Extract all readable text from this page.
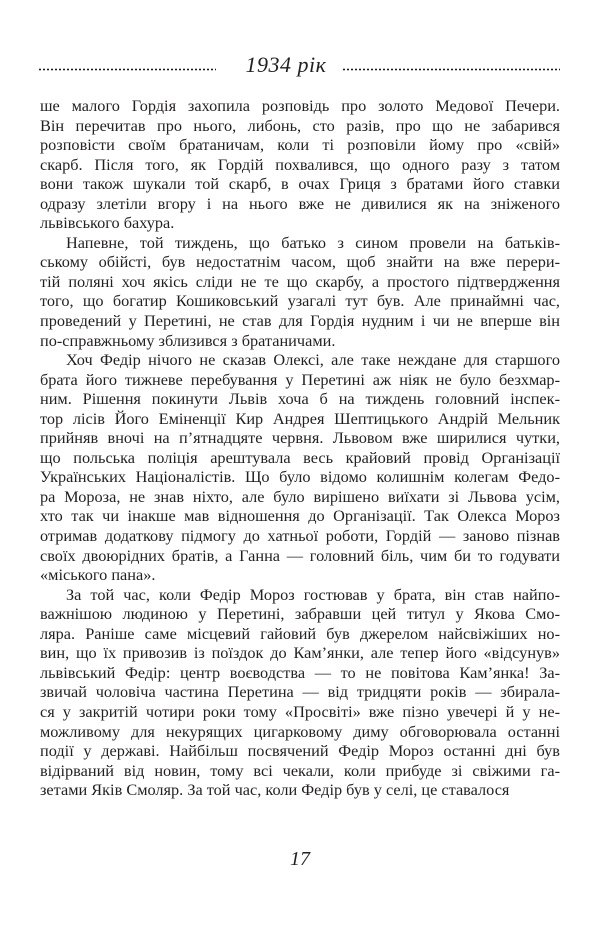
1934 рік
ше малого Гордія захопила розповідь про золото Медової Печери.
Він перечитав про нього, либонь, сто разів, про що не забарився
розповісти своїм братаничам, коли ті розповіли йому про «свій»
скарб. Після того, як Гордій похвалився, що одного разу з татом
вони також шукали той скарб, в очах Гриця з братами його ставки
одразу злетіли вгору і на нього вже не дивилися як на зніженого
львівського бахура.
Напевне, той тиждень, що батько з сином провели на батьків-
ському обійсті, був недостатнім часом, щоб знайти на вже перери-
тій поляні хоч якісь сліди не те що скарбу, а простого підтвердження
того, що богатир Кошиковський узагалі тут був. Але принаймні час,
проведений у Перетині, не став для Гордія нудним і чи не вперше він
по-справжньому зблизився з братаничами.
Хоч Федір нічого не сказав Олексі, але таке неждане для старшого
брата його тижневе перебування у Перетині аж ніяк не було безхмар-
ним. Рішення покинути Львів хоча б на тиждень головний інспек-
тор лісів Його Еміненції Кир Андрея Шептицького Андрій Мельник
прийняв вночі на п’ятнадцяте червня. Львовом вже ширилися чутки,
що польська поліція арештувала весь крайовий провід Організації
Українських Націоналістів. Що було відомо колишнім колегам Федо-
ра Мороза, не знав ніхто, але було вирішено виїхати зі Львова усім,
хто так чи інакше мав відношення до Організації. Так Олекса Мороз
отримав додаткову підмогу до хатньої роботи, Гордій — заново пізнав
своїх двоюрідних братів, а Ганна — головний біль, чим би то годувати
«міського пана».
За той час, коли Федір Мороз гостював у брата, він став найпо-
важнішою людиною у Перетині, забравши цей титул у Якова Смо-
ляра. Раніше саме місцевий гайовий був джерелом найсвіжіших но-
вин, що їх привозив із поїздок до Кам’янки, але тепер його «відсунув»
львівський Федір: центр воєводства — то не повітова Кам’янка! За-
звичай чоловіча частина Перетина — від тридцяти років — збирала-
ся у закритій чотири роки тому «Просвіті» вже пізно увечері й у не-
можливому для некурящих цигарковому диму обговорювала останні
події у державі. Найбільш посвячений Федір Мороз останні дні був
відірваний від новин, тому всі чекали, коли прибуде зі свіжими га-
зетами Яків Смоляр. За той час, коли Федір був у селі, це ставалося
17
